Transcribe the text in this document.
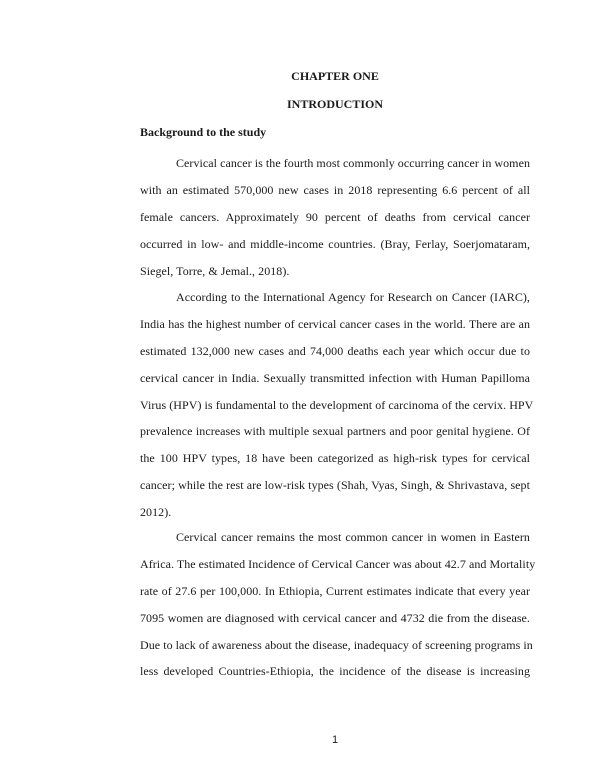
CHAPTER ONE
INTRODUCTION
Background to the study
Cervical cancer is the fourth most commonly occurring cancer in women
with an estimated 570,000 new cases in 2018 representing 6.6 percent of all
female cancers. Approximately 90 percent of deaths from cervical cancer
occurred in low- and middle-income countries. (Bray, Ferlay, Soerjomataram,
Siegel, Torre, & Jemal., 2018).
According to the International Agency for Research on Cancer (IARC),
India has the highest number of cervical cancer cases in the world. There are an
estimated 132,000 new cases and 74,000 deaths each year which occur due to
cervical cancer in India. Sexually transmitted infection with Human Papilloma
Virus (HPV) is fundamental to the development of carcinoma of the cervix. HPV
prevalence increases with multiple sexual partners and poor genital hygiene. Of
the 100 HPV types, 18 have been categorized as high-risk types for cervical
cancer; while the rest are low-risk types (Shah, Vyas, Singh, & Shrivastava, sept
2012).
Cervical cancer remains the most common cancer in women in Eastern
Africa. The estimated Incidence of Cervical Cancer was about 42.7 and Mortality
rate of 27.6 per 100,000. In Ethiopia, Current estimates indicate that every year
7095 women are diagnosed with cervical cancer and 4732 die from the disease.
Due to lack of awareness about the disease, inadequacy of screening programs in
less developed Countries-Ethiopia, the incidence of the disease is increasing
1
